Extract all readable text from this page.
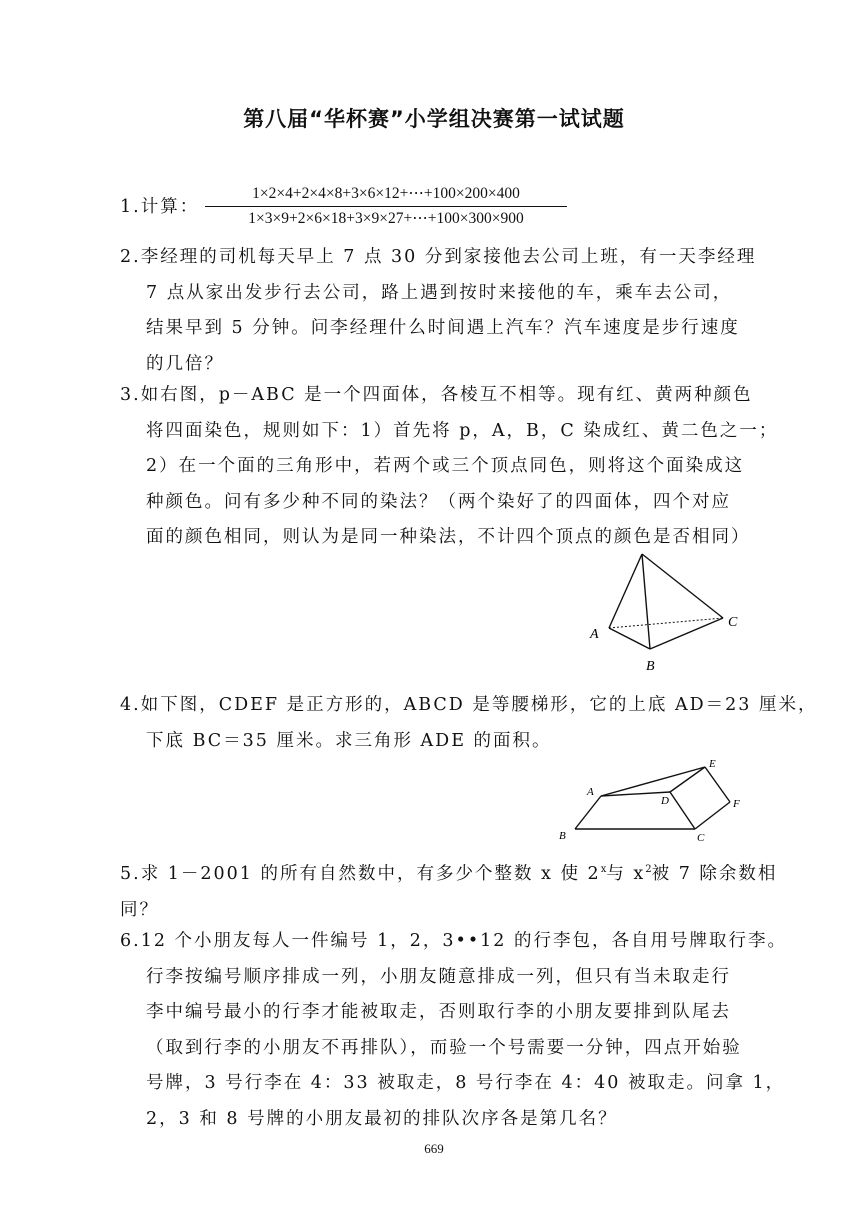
第八届“华杯赛”小学组决赛第一试试题
1.计算：
1×2×4+2×4×8+3×6×12+⋯+100×200×400
1×3×9+2×6×18+3×9×27+⋯+100×300×900
2.李经理的司机每天早上 7 点 30 分到家接他去公司上班，有一天李经理
7 点从家出发步行去公司，路上遇到按时来接他的车，乘车去公司，
结果早到 5 分钟。问李经理什么时间遇上汽车？汽车速度是步行速度
的几倍？
3.如右图，p－ABC 是一个四面体，各棱互不相等。现有红、黄两种颜色
将四面染色，规则如下：1）首先将 p，A，B，C 染成红、黄二色之一；
2）在一个面的三角形中，若两个或三个顶点同色，则将这个面染成这
种颜色。问有多少种不同的染法？（两个染好了的四面体，四个对应
面的颜色相同，则认为是同一种染法，不计四个顶点的颜色是否相同）
A
B
C
4.如下图，CDEF 是正方形的，ABCD 是等腰梯形，它的上底 AD＝23 厘米，
下底 BC＝35 厘米。求三角形 ADE 的面积。
A
B	C
D
E
F
5.求 1－2001 的所有自然数中，有多少个整数 x 使 2$^x$与 $x^2$被 7 除余数相
同？
6.12 个小朋友每人一件编号 1，2，3••12 的行李包，各自用号牌取行李。
行李按编号顺序排成一列，小朋友随意排成一列，但只有当未取走行
李中编号最小的行李才能被取走，否则取行李的小朋友要排到队尾去
（取到行李的小朋友不再排队），而验一个号需要一分钟，四点开始验
号牌，3 号行李在 4：33 被取走，8 号行李在 4：40 被取走。问拿 1，
2，3 和 8 号牌的小朋友最初的排队次序各是第几名？
669
